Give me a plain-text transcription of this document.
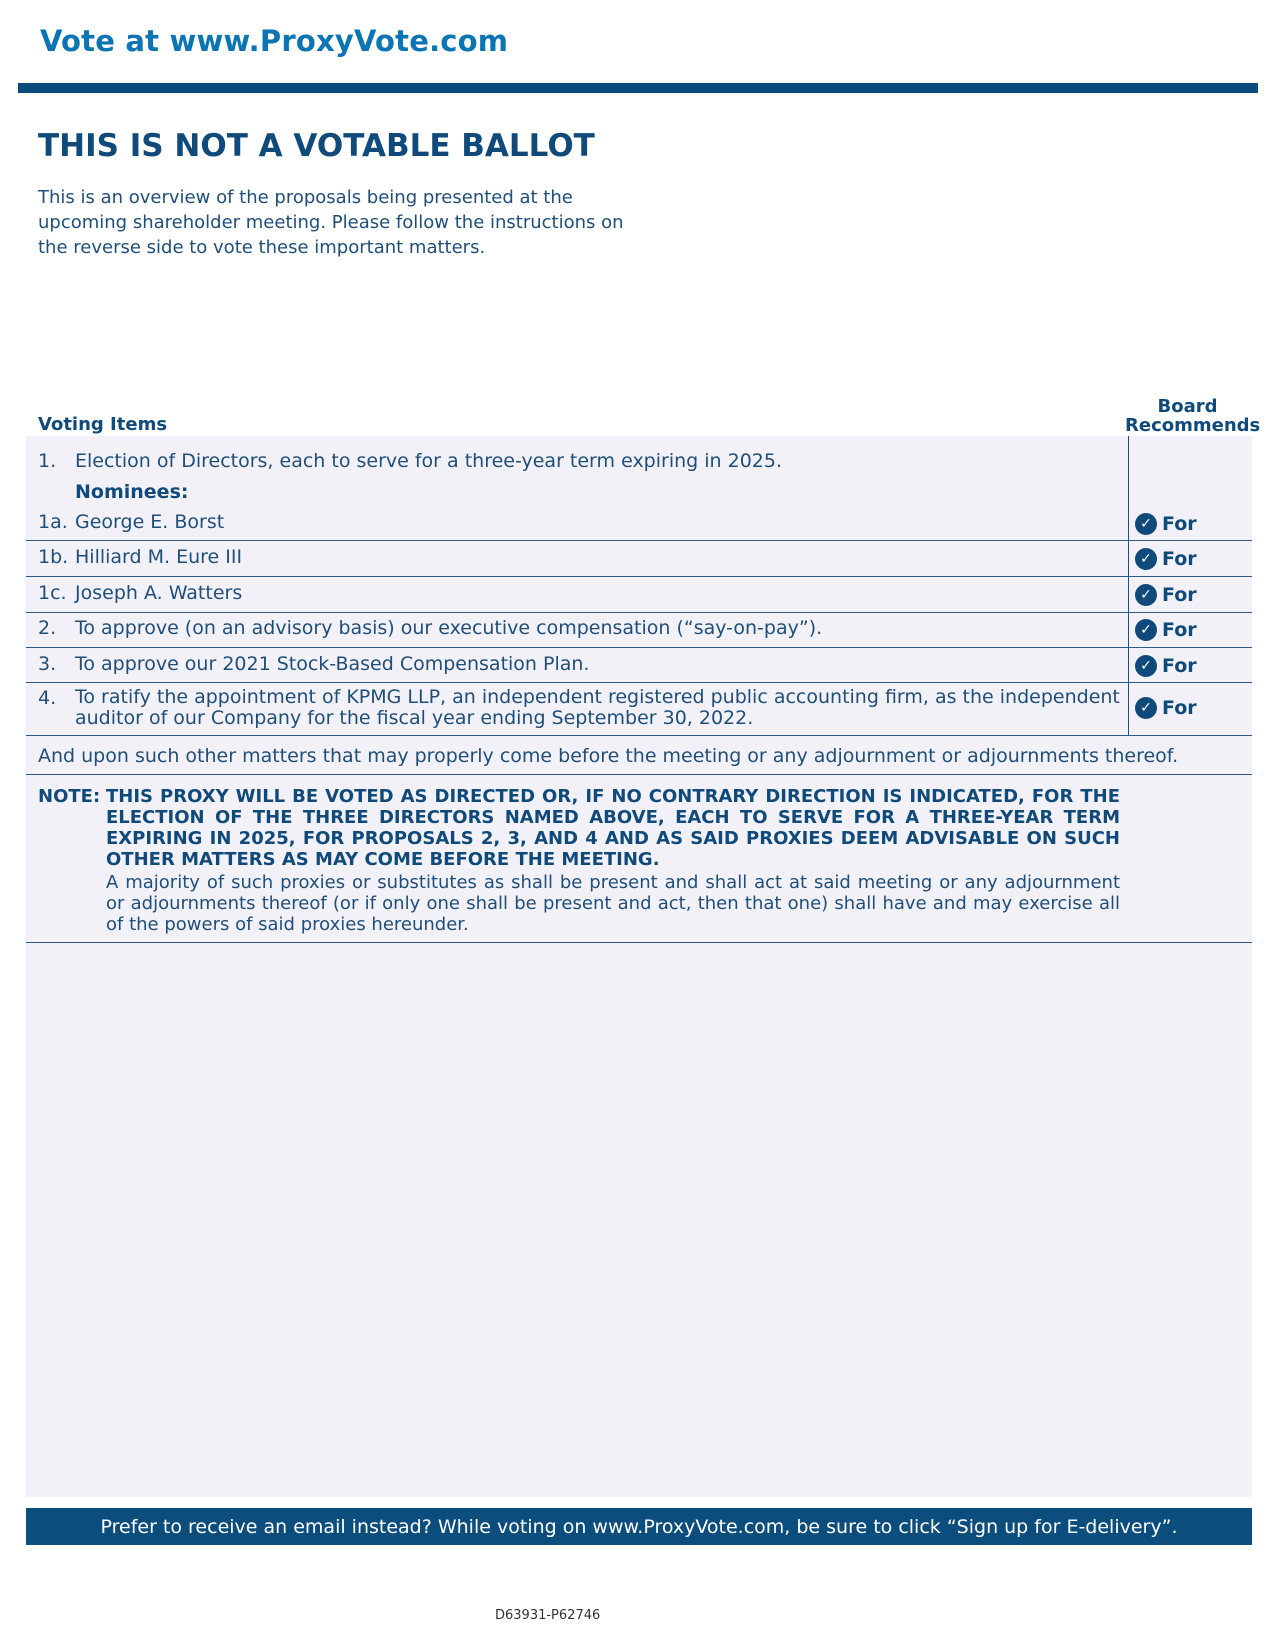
Vote at www.ProxyVote.com
THIS IS NOT A VOTABLE BALLOT
This is an overview of the proposals being presented at the
upcoming shareholder meeting. Please follow the instructions on
the reverse side to vote these important matters.
Voting Items
Board
Recommends
1. Election of Directors, each to serve for a three-year term expiring in 2025.
Nominees:
1a. George E. Borst	✓ For
1b. Hilliard M. Eure III	✓ For
1c. Joseph A. Watters	✓ For
2. To approve (on an advisory basis) our executive compensation (“say-on-pay”).	✓ For
3. To approve our 2021 Stock-Based Compensation Plan.	✓ For
4. To ratify the appointment of KPMG LLP, an independent registered public accounting firm, as the independent auditor of our Company for the fiscal year ending September 30, 2022.	✓ For
And upon such other matters that may properly come before the meeting or any adjournment or adjournments thereof.
NOTE: THIS PROXY WILL BE VOTED AS DIRECTED OR, IF NO CONTRARY DIRECTION IS INDICATED, FOR THE ELECTION OF THE THREE DIRECTORS NAMED ABOVE, EACH TO SERVE FOR A THREE-YEAR TERM EXPIRING IN 2025, FOR PROPOSALS 2, 3, AND 4 AND AS SAID PROXIES DEEM ADVISABLE ON SUCH OTHER MATTERS AS MAY COME BEFORE THE MEETING.
A majority of such proxies or substitutes as shall be present and shall act at said meeting or any adjournment or adjournments thereof (or if only one shall be present and act, then that one) shall have and may exercise all of the powers of said proxies hereunder.
Prefer to receive an email instead? While voting on www.ProxyVote.com, be sure to click “Sign up for E-delivery”.
D63931-P62746
